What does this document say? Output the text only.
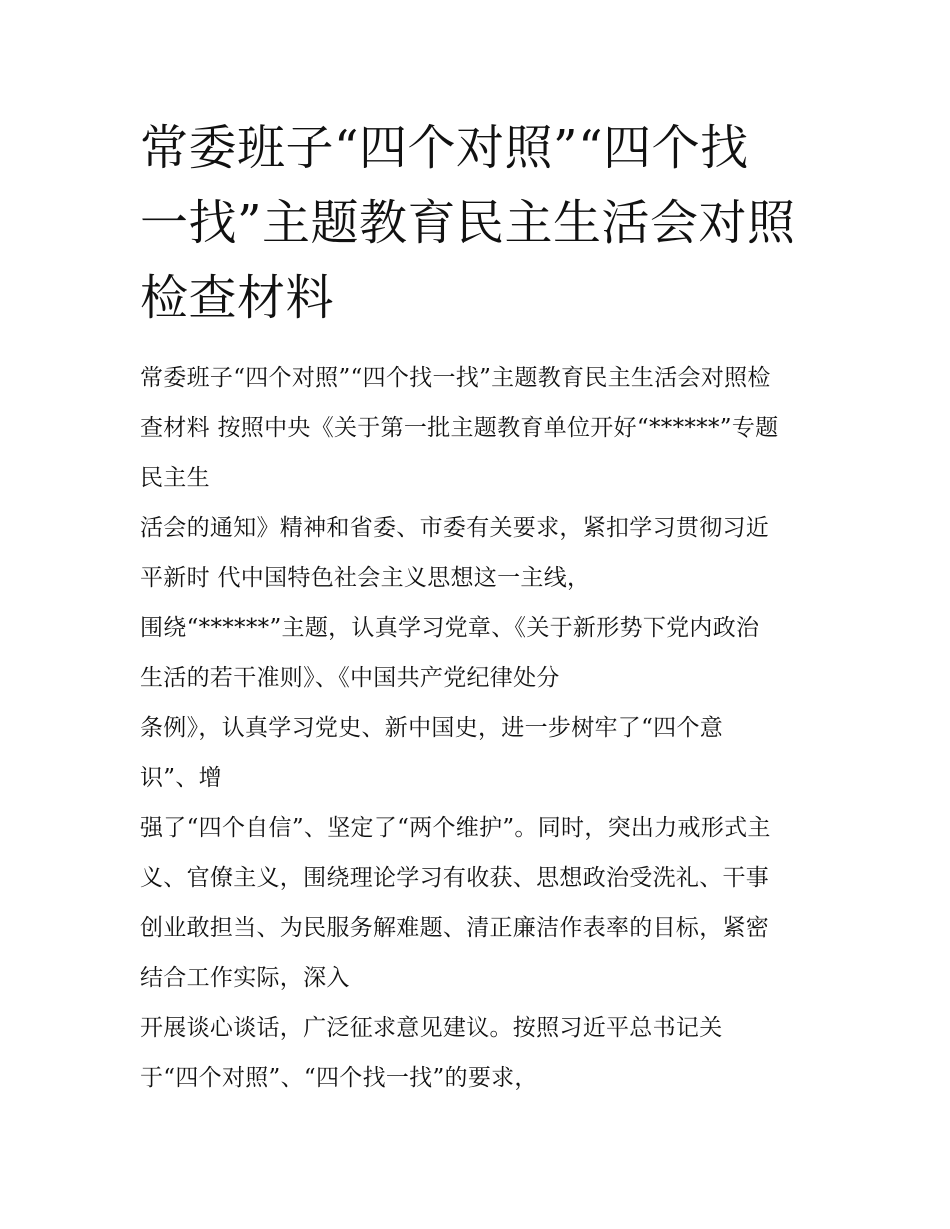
常委班子“四个对照”“四个找
一找”主题教育民主生活会对照
检查材料
常委班子“四个对照”“四个找一找”主题教育民主生活会对照检
查材料 按照中央《关于第一批主题教育单位开好“******”专题
民主生
活会的通知》精神和省委、市委有关要求，紧扣学习贯彻习近
平新时 代中国特色社会主义思想这一主线，
围绕“******”主题，认真学习党章、《关于新形势下党内政治
生活的若干准则》、《中国共产党纪律处分
条例》，认真学习党史、新中国史，进一步树牢了“四个意
识”、增
强了“四个自信”、坚定了“两个维护”。同时，突出力戒形式主
义、官僚主义，围绕理论学习有收获、思想政治受洗礼、干事
创业敢担当、为民服务解难题、清正廉洁作表率的目标，紧密
结合工作实际，深入
开展谈心谈话，广泛征求意见建议。按照习近平总书记关
于“四个对照”、“四个找一找”的要求，
